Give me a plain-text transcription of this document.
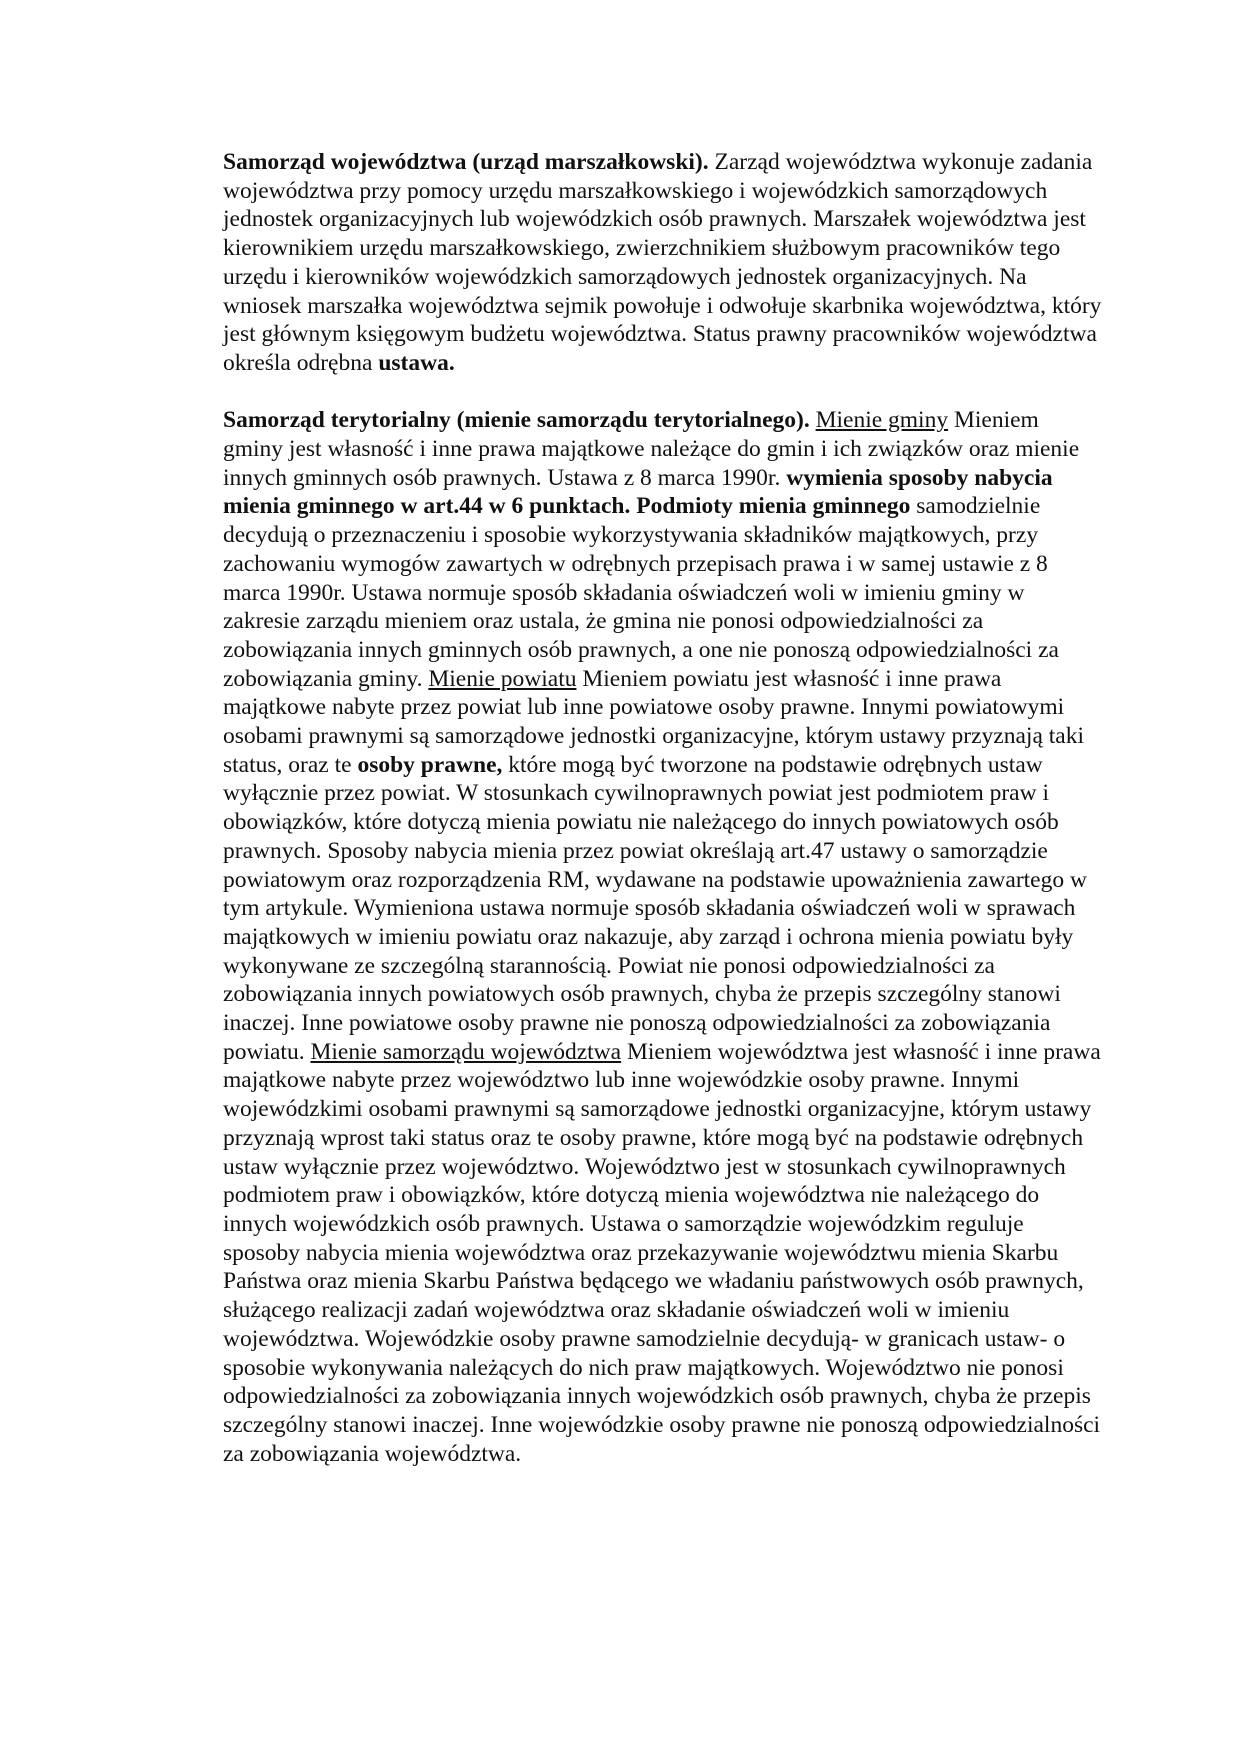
Samorząd województwa (urząd marszałkowski). Zarząd województwa wykonuje zadania województwa przy pomocy urzędu marszałkowskiego i wojewódzkich samorządowych jednostek organizacyjnych lub wojewódzkich osób prawnych. Marszałek województwa jest kierownikiem urzędu marszałkowskiego, zwierzchnikiem służbowym pracowników tego urzędu i kierowników wojewódzkich samorządowych jednostek organizacyjnych. Na wniosek marszałka województwa sejmik powołuje i odwołuje skarbnika województwa, który jest głównym księgowym budżetu województwa. Status prawny pracowników województwa określa odrębna ustawa.

Samorząd terytorialny (mienie samorządu terytorialnego). Mienie gminy Mieniem gminy jest własność i inne prawa majątkowe należące do gmin i ich związków oraz mienie innych gminnych osób prawnych. Ustawa z 8 marca 1990r. wymienia sposoby nabycia mienia gminnego w art.44 w 6 punktach. Podmioty mienia gminnego samodzielnie decydują o przeznaczeniu i sposobie wykorzystywania składników majątkowych, przy zachowaniu wymogów zawartych w odrębnych przepisach prawa i w samej ustawie z 8 marca 1990r. Ustawa normuje sposób składania oświadczeń woli w imieniu gminy w zakresie zarządu mieniem oraz ustala, że gmina nie ponosi odpowiedzialności za zobowiązania innych gminnych osób prawnych, a one nie ponoszą odpowiedzialności za zobowiązania gminy. Mienie powiatu Mieniem powiatu jest własność i inne prawa majątkowe nabyte przez powiat lub inne powiatowe osoby prawne. Innymi powiatowymi osobami prawnymi są samorządowe jednostki organizacyjne, którym ustawy przyznają taki status, oraz te osoby prawne, które mogą być tworzone na podstawie odrębnych ustaw wyłącznie przez powiat. W stosunkach cywilnoprawnych powiat jest podmiotem praw i obowiązków, które dotyczą mienia powiatu nie należącego do innych powiatowych osób prawnych. Sposoby nabycia mienia przez powiat określają art.47 ustawy o samorządzie powiatowym oraz rozporządzenia RM, wydawane na podstawie upoważnienia zawartego w tym artykule. Wymieniona ustawa normuje sposób składania oświadczeń woli w sprawach majątkowych w imieniu powiatu oraz nakazuje, aby zarząd i ochrona mienia powiatu były wykonywane ze szczególną starannością. Powiat nie ponosi odpowiedzialności za zobowiązania innych powiatowych osób prawnych, chyba że przepis szczególny stanowi inaczej. Inne powiatowe osoby prawne nie ponoszą odpowiedzialności za zobowiązania powiatu. Mienie samorządu województwa Mieniem województwa jest własność i inne prawa majątkowe nabyte przez województwo lub inne wojewódzkie osoby prawne. Innymi wojewódzkimi osobami prawnymi są samorządowe jednostki organizacyjne, którym ustawy przyznają wprost taki status oraz te osoby prawne, które mogą być na podstawie odrębnych ustaw wyłącznie przez województwo. Województwo jest w stosunkach cywilnoprawnych podmiotem praw i obowiązków, które dotyczą mienia województwa nie należącego do innych wojewódzkich osób prawnych. Ustawa o samorządzie wojewódzkim reguluje sposoby nabycia mienia województwa oraz przekazywanie województwu mienia Skarbu Państwa oraz mienia Skarbu Państwa będącego we władaniu państwowych osób prawnych, służącego realizacji zadań województwa oraz składanie oświadczeń woli w imieniu województwa. Wojewódzkie osoby prawne samodzielnie decydują- w granicach ustaw- o sposobie wykonywania należących do nich praw majątkowych. Województwo nie ponosi odpowiedzialności za zobowiązania innych wojewódzkich osób prawnych, chyba że przepis szczególny stanowi inaczej. Inne wojewódzkie osoby prawne nie ponoszą odpowiedzialności za zobowiązania województwa.
